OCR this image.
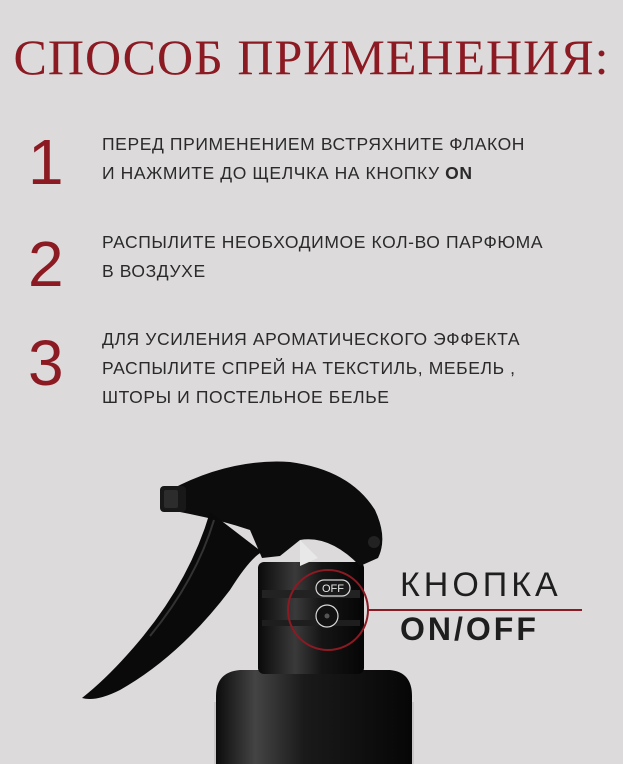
СПОСОБ ПРИМЕНЕНИЯ:
1 ПЕРЕД ПРИМЕНЕНИЕМ ВСТРЯХНИТЕ ФЛАКОН
И НАЖМИТЕ ДО ЩЕЛЧКА НА КНОПКУ ON
2 РАСПЫЛИТЕ НЕОБХОДИМОЕ КОЛ-ВО ПАРФЮМА
В ВОЗДУХЕ
3 ДЛЯ УСИЛЕНИЯ АРОМАТИЧЕСКОГО ЭФФЕКТА
РАСПЫЛИТЕ СПРЕЙ НА ТЕКСТИЛЬ, МЕБЕЛЬ ,
ШТОРЫ И ПОСТЕЛЬНОЕ БЕЛЬЕ
OFF КНОПКА
ON/OFF
